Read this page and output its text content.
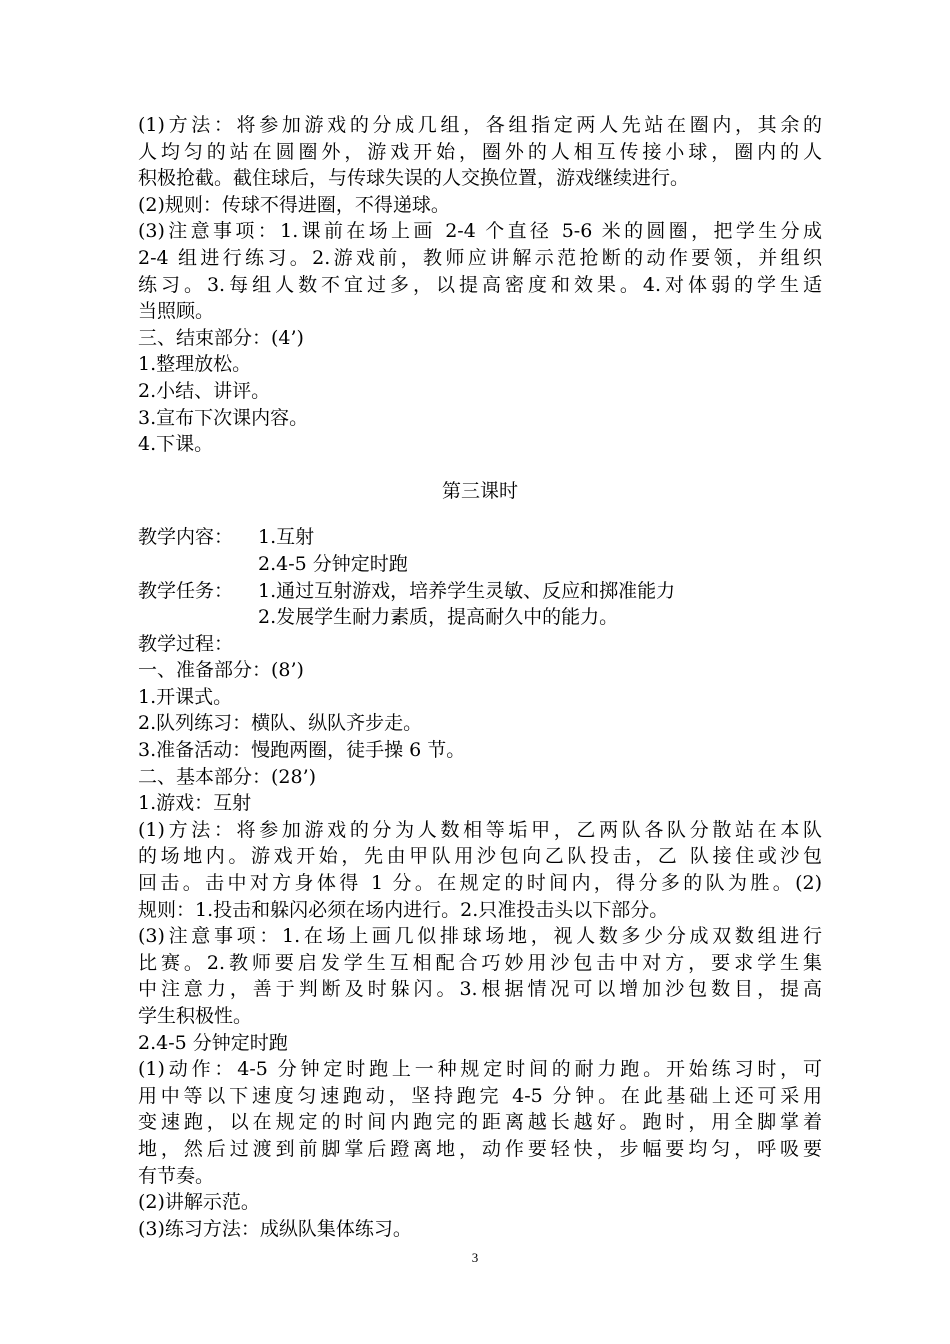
(1)方法：将参加游戏的分成几组，各组指定两人先站在圈内，其余的
人均匀的站在圆圈外，游戏开始，圈外的人相互传接小球，圈内的人
积极抢截。截住球后，与传球失误的人交换位置，游戏继续进行。
(2)规则：传球不得进圈，不得递球。
(3)注意事项：1.课前在场上画 2-4 个直径 5-6 米的圆圈，把学生分成
2-4 组进行练习。2.游戏前，教师应讲解示范抢断的动作要领，并组织
练习。3.每组人数不宜过多，以提高密度和效果。4.对体弱的学生适
当照顾。
三、结束部分：(4’)
1.整理放松。
2.小结、讲评。
3.宣布下次课内容。
4.下课。
第三课时
教学内容：	1.互射
2.4-5 分钟定时跑
教学任务：	1.通过互射游戏，培养学生灵敏、反应和掷准能力
2.发展学生耐力素质，提高耐久中的能力。
教学过程：
一、准备部分：(8’)
1.开课式。
2.队列练习：横队、纵队齐步走。
3.准备活动：慢跑两圈，徒手操 6 节。
二、基本部分：(28’)
1.游戏：互射
(1)方法：将参加游戏的分为人数相等垢甲，乙两队各队分散站在本队
的场地内。游戏开始，先由甲队用沙包向乙队投击，乙 队接住或沙包
回击。击中对方身体得 1 分。在规定的时间内，得分多的队为胜。(2)
规则：1.投击和躲闪必须在场内进行。2.只准投击头以下部分。
(3)注意事项：1.在场上画几似排球场地，视人数多少分成双数组进行
比赛。2.教师要启发学生互相配合巧妙用沙包击中对方，要求学生集
中注意力，善于判断及时躲闪。3.根据情况可以增加沙包数目，提高
学生积极性。
2.4-5 分钟定时跑
(1)动作：4-5 分钟定时跑上一种规定时间的耐力跑。开始练习时，可
用中等以下速度匀速跑动，坚持跑完 4-5 分钟。在此基础上还可采用
变速跑，以在规定的时间内跑完的距离越长越好。跑时，用全脚掌着
地，然后过渡到前脚掌后蹬离地，动作要轻快，步幅要均匀，呼吸要
有节奏。
(2)讲解示范。
(3)练习方法：成纵队集体练习。
3
